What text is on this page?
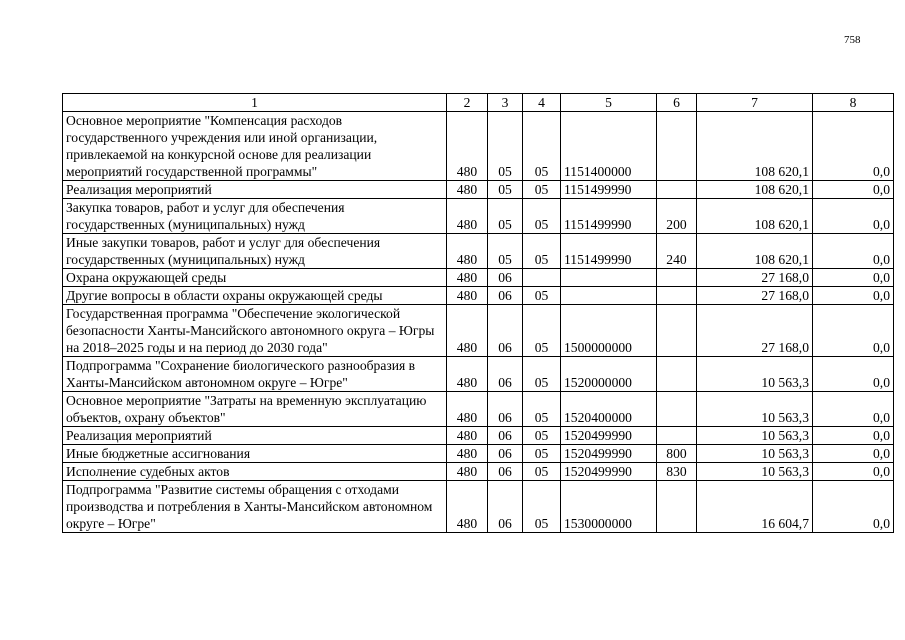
758
1	2	3	4	5	6	7	8
Основное мероприятие "Компенсация расходов государственного учреждения или иной организации, привлекаемой на конкурсной основе для реализации мероприятий государственной программы"	480	05	05	1151400000		108 620,1	0,0
Реализация мероприятий	480	05	05	1151499990		108 620,1	0,0
Закупка товаров, работ и услуг для обеспечения государственных (муниципальных) нужд	480	05	05	1151499990	200	108 620,1	0,0
Иные закупки товаров, работ и услуг для обеспечения государственных (муниципальных) нужд	480	05	05	1151499990	240	108 620,1	0,0
Охрана окружающей среды	480	06				27 168,0	0,0
Другие вопросы в области охраны окружающей среды	480	06	05			27 168,0	0,0
Государственная программа "Обеспечение экологической безопасности Ханты-Мансийского автономного округа – Югры на 2018–2025 годы и на период до 2030 года"	480	06	05	1500000000		27 168,0	0,0
Подпрограмма "Сохранение биологического разнообразия в Ханты-Мансийском автономном округе – Югре"	480	06	05	1520000000		10 563,3	0,0
Основное мероприятие "Затраты на временную эксплуатацию объектов, охрану объектов"	480	06	05	1520400000		10 563,3	0,0
Реализация мероприятий	480	06	05	1520499990		10 563,3	0,0
Иные бюджетные ассигнования	480	06	05	1520499990	800	10 563,3	0,0
Исполнение судебных актов	480	06	05	1520499990	830	10 563,3	0,0
Подпрограмма "Развитие системы обращения с отходами производства и потребления в Ханты-Мансийском автономном округе – Югре"	480	06	05	1530000000		16 604,7	0,0
